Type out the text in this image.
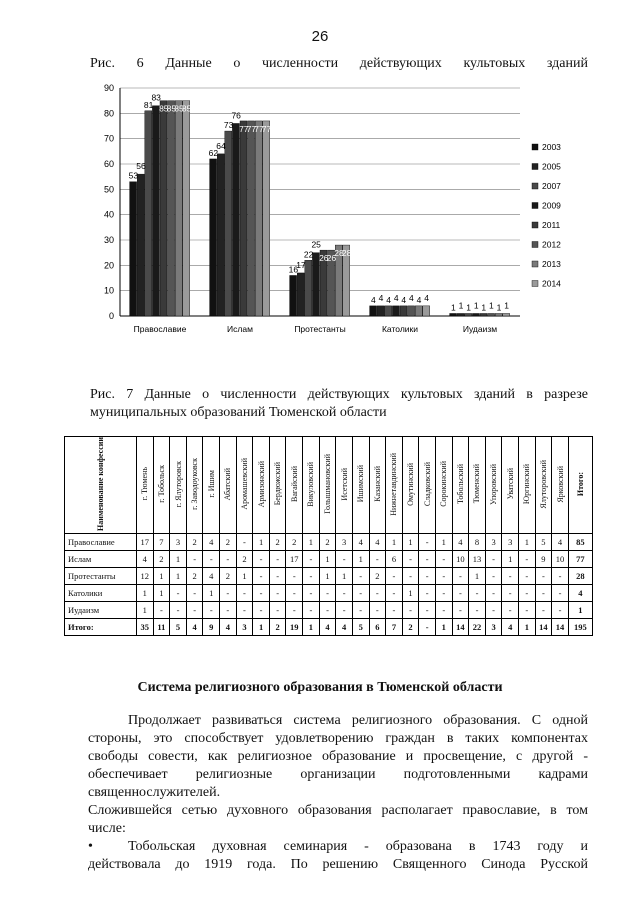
26
Рис. 6 Данные о численности действующих культовых зданий
0
10
20
30
40
50
60
70
80
90
Православие	Ислам	Протестанты	Католики	Иудаизм
53
56
81
83
85
85
85
85
62
64
73
76
77
77
77
77
16
17
22
25
26
26
28
28
4 4 4 4 4 4 4 4
1 1 1 1 1 1 1 1
2003
2005
2007
2009
2011
2012
2013
2014
Рис. 7 Данные о численности действующих культовых зданий в разрезе
муниципальных образований Тюменской области
Наименование конфессии	г. Тюмень	г. Тобольск	г. Ялуторовск	г. Заводоуковск	г. Ишим	Абатский	Аромашевский	Армизонский	Бердюжский	Вагайский	Викуловский	Голышмановский	Исетский	Ишимский	Казанский	Нижнетавдинский	Омутинский	Сладковский	Сорокинский	Тобольский	Тюменский	Упоровский	Уватский	Юргинский	Ялуторовский	Ярковский	Итого:
Православие	17	7	3	2	4	2	-	1	2	2	1	2	3	4	4	1	1	-	1	4	8	3	3	1	5	4	85
Ислам	4	2	1	-	-	-	2	-	-	17	-	1	-	1	-	6	-	-	-	10	13	-	1	-	9	10	77
Протестанты	12	1	1	2	4	2	1	-	-	-	-	1	1	-	2	-	-	-	-	-	1	-	-	-	-	-	28
Католики	1	1	-	-	1	-	-	-	-	-	-	-	-	-	-	-	1	-	-	-	-	-	-	-	-	-	4
Иудаизм	1	-	-	-	-	-	-	-	-	-	-	-	-	-	-	-	-	-	-	-	-	-	-	-	-	-	1
Итого:	35	11	5	4	9	4	3	1	2	19	1	4	4	5	6	7	2	-	1	14	22	3	4	1	14	14	195
Система религиозного образования в Тюменской области
Продолжает развиваться система религиозного образования. С одной
стороны, это способствует удовлетворению граждан в таких компонентах
свободы совести, как религиозное образование и просвещение, с другой -
обеспечивает религиозные организации подготовленными кадрами
священнослужителей.
Сложившейся сетью духовного образования располагает православие, в том
числе:
•	Тобольская духовная семинария - образована в 1743 году и
действовала до 1919 года. По решению Священного Синода Русской
